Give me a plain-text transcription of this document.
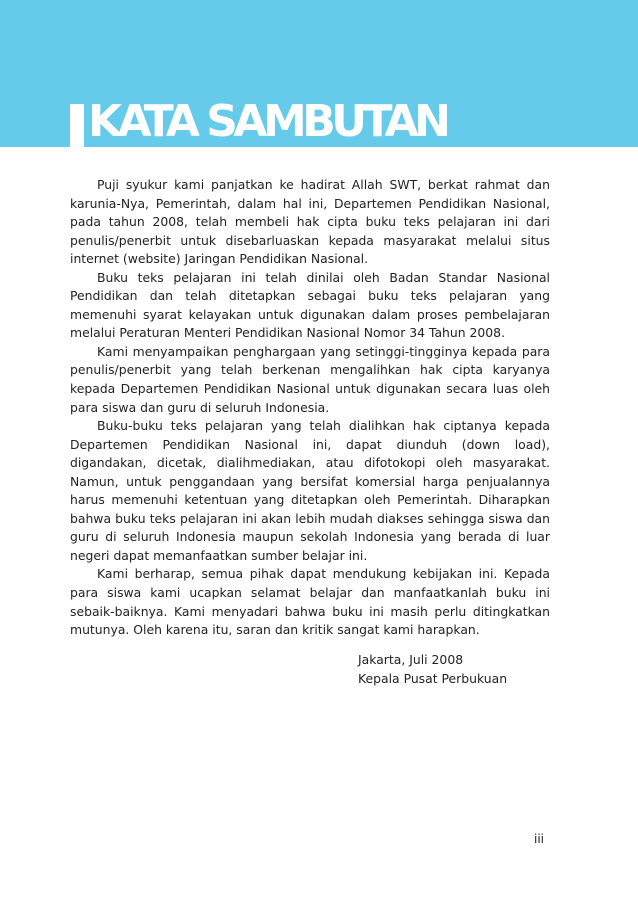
KATA SAMBUTAN

Puji syukur kami panjatkan ke hadirat Allah SWT, berkat rahmat dan karunia-Nya, Pemerintah, dalam hal ini, Departemen Pendidikan Nasional, pada tahun 2008, telah membeli hak cipta buku teks pelajaran ini dari penulis/penerbit untuk disebarluaskan kepada masyarakat melalui situs internet (website) Jaringan Pendidikan Nasional.

Buku teks pelajaran ini telah dinilai oleh Badan Standar Nasional Pendidikan dan telah ditetapkan sebagai buku teks pelajaran yang memenuhi syarat kelayakan untuk digunakan dalam proses pembelajaran melalui Peraturan Menteri Pendidikan Nasional Nomor 34 Tahun 2008.

Kami menyampaikan penghargaan yang setinggi-tingginya kepada para penulis/penerbit yang telah berkenan mengalihkan hak cipta karyanya kepada Departemen Pendidikan Nasional untuk digunakan secara luas oleh para siswa dan guru di seluruh Indonesia.

Buku-buku teks pelajaran yang telah dialihkan hak ciptanya kepada Departemen Pendidikan Nasional ini, dapat diunduh (down load), digandakan, dicetak, dialihmediakan, atau difotokopi oleh masyarakat. Namun, untuk penggandaan yang bersifat komersial harga penjualannya harus memenuhi ketentuan yang ditetapkan oleh Pemerintah. Diharapkan bahwa buku teks pelajaran ini akan lebih mudah diakses sehingga siswa dan guru di seluruh Indonesia maupun sekolah Indonesia yang berada di luar negeri dapat memanfaatkan sumber belajar ini.

Kami berharap, semua pihak dapat mendukung kebijakan ini. Kepada para siswa kami ucapkan selamat belajar dan manfaatkanlah buku ini sebaik-baiknya. Kami menyadari bahwa buku ini masih perlu ditingkatkan mutunya. Oleh karena itu, saran dan kritik sangat kami harapkan.

Jakarta, Juli 2008
Kepala Pusat Perbukuan
iii
